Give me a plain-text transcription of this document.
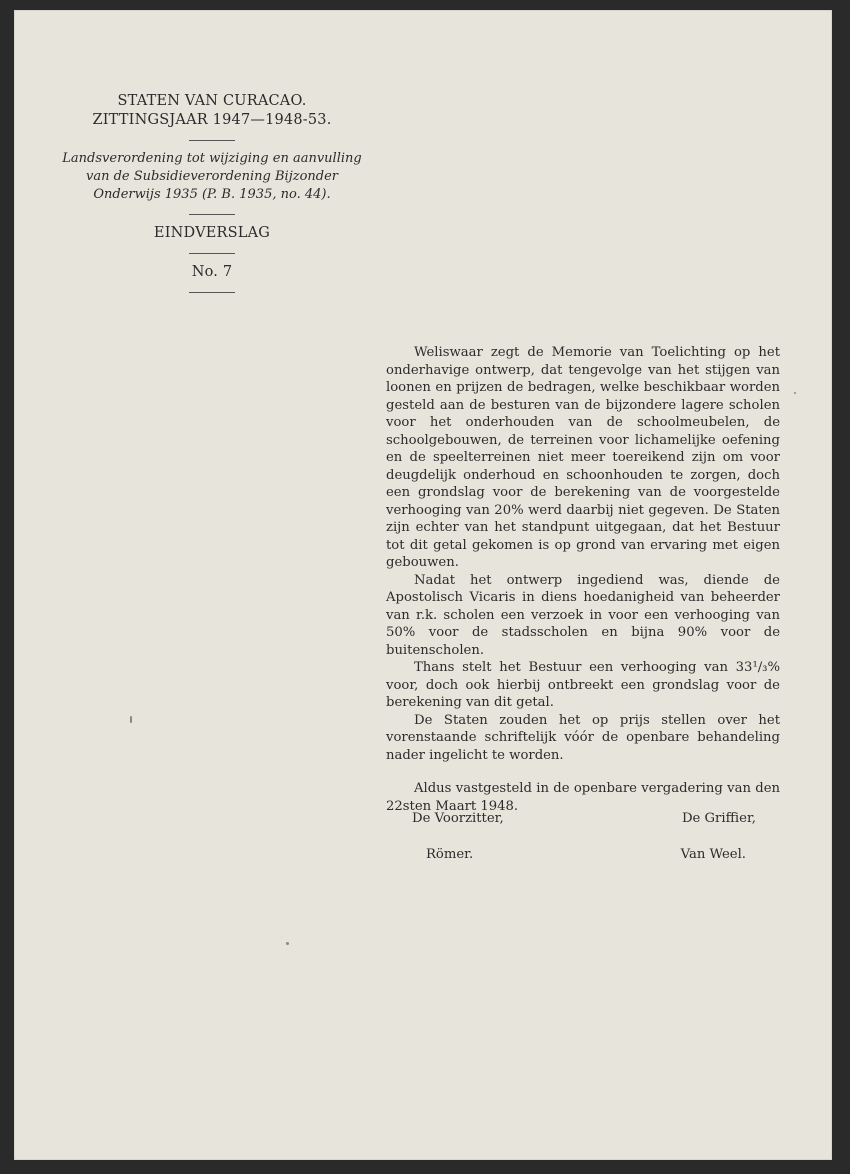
STATEN VAN CURACAO.
ZITTINGSJAAR 1947—1948-53.
Landsverordening tot wijziging en aanvulling van de Subsidieverordening Bijzonder Onderwijs 1935 (P. B. 1935, no. 44).
EINDVERSLAG
No. 7

Weliswaar zegt de Memorie van Toelichting op het onderhavige ontwerp, dat tengevolge van het stijgen van loonen en prijzen de bedragen, welke beschikbaar worden gesteld aan de besturen van de bijzondere lagere scholen voor het onderhouden van de schoolmeubelen, de schoolgebouwen, de terreinen voor lichamelijke oefening en de speelterreinen niet meer toereikend zijn om voor deugdelijk onderhoud en schoonhouden te zorgen, doch een grondslag voor de berekening van de voorgestelde verhooging van 20% werd daarbij niet gegeven. De Staten zijn echter van het standpunt uitgegaan, dat het Bestuur tot dit getal gekomen is op grond van ervaring met eigen gebouwen.

Nadat het ontwerp ingediend was, diende de Apostolisch Vicaris in diens hoedanigheid van beheerder van r.k. scholen een verzoek in voor een verhooging van 50% voor de stadsscholen en bijna 90% voor de buitenscholen.

Thans stelt het Bestuur een verhooging van 33¹/₃% voor, doch ook hierbij ontbreekt een grondslag voor de berekening van dit getal.

De Staten zouden het op prijs stellen over het vorenstaande schriftelijk vóór de openbare behandeling nader ingelicht te worden.

Aldus vastgesteld in de openbare vergadering van den 22sten Maart 1948.

De Voorzitter,	De Griffier,
Römer.	Van Weel.
